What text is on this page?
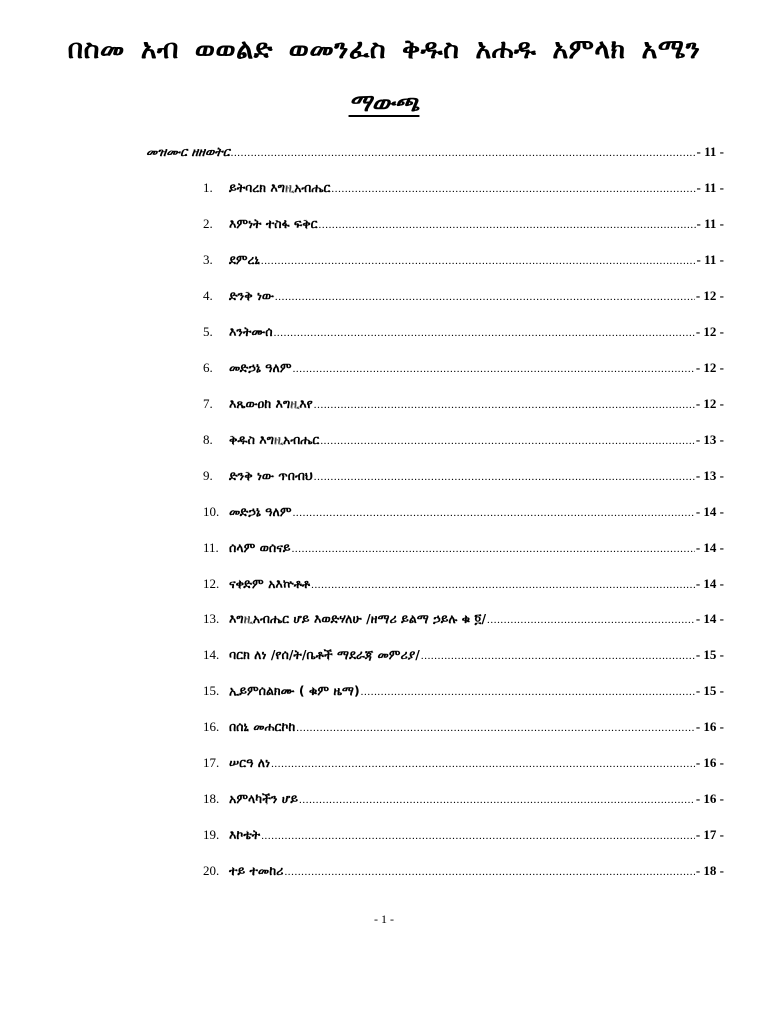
በስመ አብ ወወልድ ወመንፈስ ቅዱስ አሐዱ አምላክ አሜን
ማውጫ
መዝሙር ዘዘወትር .....	- 11 -
1.	ይትባረክ እግዚአብሔር .....	- 11 -
2.	እምነት ተስፋ ፍቅር .....	- 11 -
3.	ደምረኒ .....	- 11 -
4.	ድንቅ ነው .....	- 12 -
5.	እንትሙሰ .....	- 12 -
6.	መድኃኔ ዓለም .....	- 12 -
7.	እጼውዐከ እግዚእየ .....	- 12 -
8.	ቅዱስ እግዚአብሔር .....	- 13 -
9.	ድንቅ ነው ጥበብህ .....	- 13 -
10. መድኃኔ ዓለም .....	- 14 -
11. ሰላም ወሰናይ .....	- 14 -
12. ናቀድም አእኵቶቶ .....	- 14 -
13. እግዚአብሔር ሆይ እወድሃለሁ /ዘማሪ ይልማ ኃይሉ ቁ ፬/ .....	- 14 -
14. ባርክ ለነ /የሰ/ት/ቤቶች ማደራጃ መምሪያ/ .....	- 15 -
15. ኢይምሰልክሙ ( ቁም ዜማ) .....	- 15 -
16. በሰኒ መሐርኮከ .....	- 16 -
17. ሠርዓ ለነ .....	- 16 -
18. አምላካችን ሆይ .....	- 16 -
19. እኮቴት .....	- 17 -
20. ተይ ተመከሪ .....	- 18 -
- 1 -
